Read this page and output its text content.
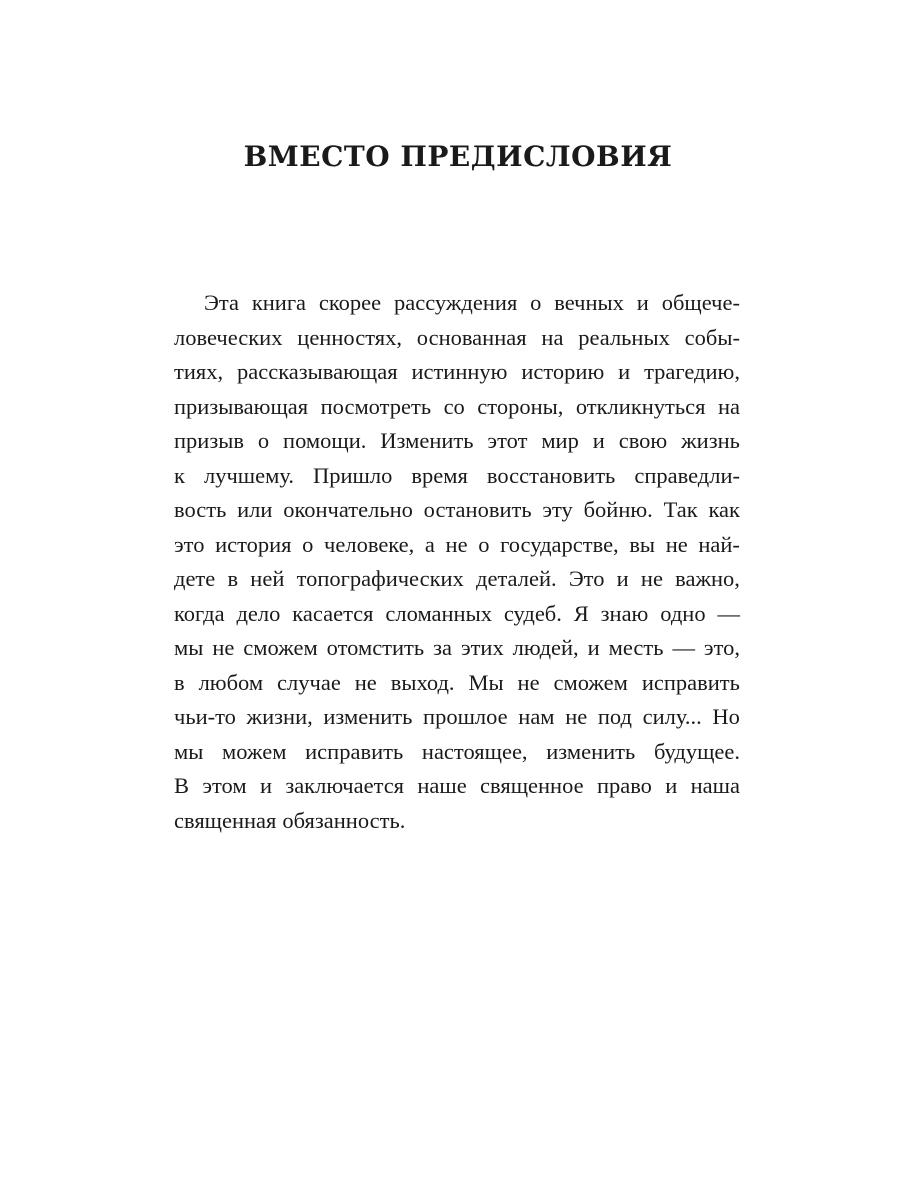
ВМЕСТО ПРЕДИСЛОВИЯ
Эта книга скорее рассуждения о вечных и общече-
ловеческих ценностях, основанная на реальных собы-
тиях, рассказывающая истинную историю и трагедию,
призывающая посмотреть со стороны, откликнуться на
призыв о помощи. Изменить этот мир и свою жизнь
к лучшему. Пришло время восстановить справедли-
вость или окончательно остановить эту бойню. Так как
это история о человеке, а не о государстве, вы не най-
дете в ней топографических деталей. Это и не важно,
когда дело касается сломанных судеб. Я знаю одно —
мы не сможем отомстить за этих людей, и месть — это,
в любом случае не выход. Мы не сможем исправить
чьи-то жизни, изменить прошлое нам не под силу... Но
мы можем исправить настоящее, изменить будущее.
В этом и заключается наше священное право и наша
священная обязанность.
